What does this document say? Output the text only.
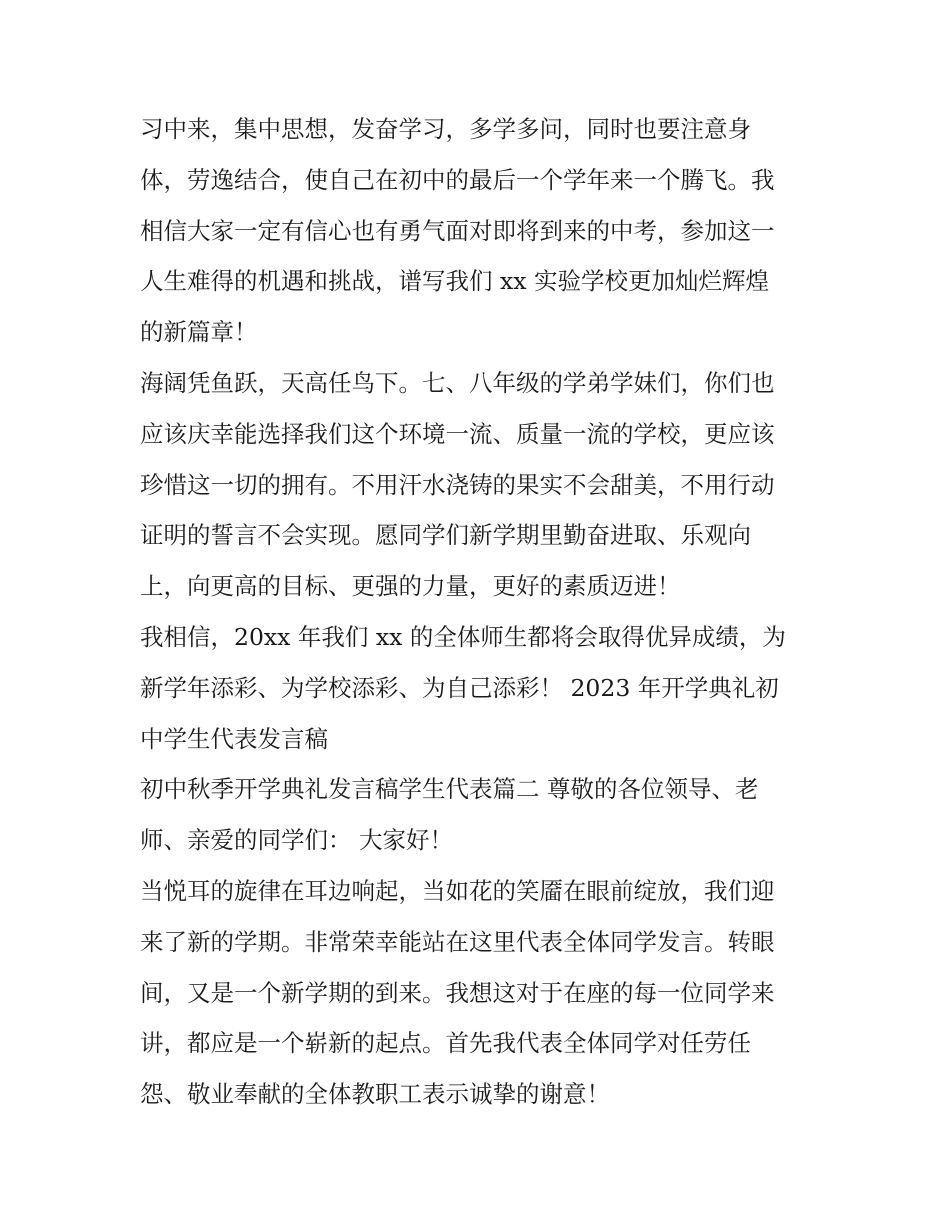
习中来，集中思想，发奋学习，多学多问，同时也要注意身
体，劳逸结合，使自己在初中的最后一个学年来一个腾飞。我
相信大家一定有信心也有勇气面对即将到来的中考，参加这一
人生难得的机遇和挑战，谱写我们 xx 实验学校更加灿烂辉煌
的新篇章！
海阔凭鱼跃，天高任鸟下。七、八年级的学弟学妹们，你们也
应该庆幸能选择我们这个环境一流、质量一流的学校，更应该
珍惜这一切的拥有。不用汗水浇铸的果实不会甜美，不用行动
证明的誓言不会实现。愿同学们新学期里勤奋进取、乐观向
上，向更高的目标、更强的力量，更好的素质迈进！
我相信，20xx 年我们 xx 的全体师生都将会取得优异成绩，为
新学年添彩、为学校添彩、为自己添彩！ 2023 年开学典礼初
中学生代表发言稿
初中秋季开学典礼发言稿学生代表篇二 尊敬的各位领导、老
师、亲爱的同学们： 大家好！
当悦耳的旋律在耳边响起，当如花的笑靥在眼前绽放，我们迎
来了新的学期。非常荣幸能站在这里代表全体同学发言。转眼
间，又是一个新学期的到来。我想这对于在座的每一位同学来
讲，都应是一个崭新的起点。首先我代表全体同学对任劳任
怨、敬业奉献的全体教职工表示诚挚的谢意！
